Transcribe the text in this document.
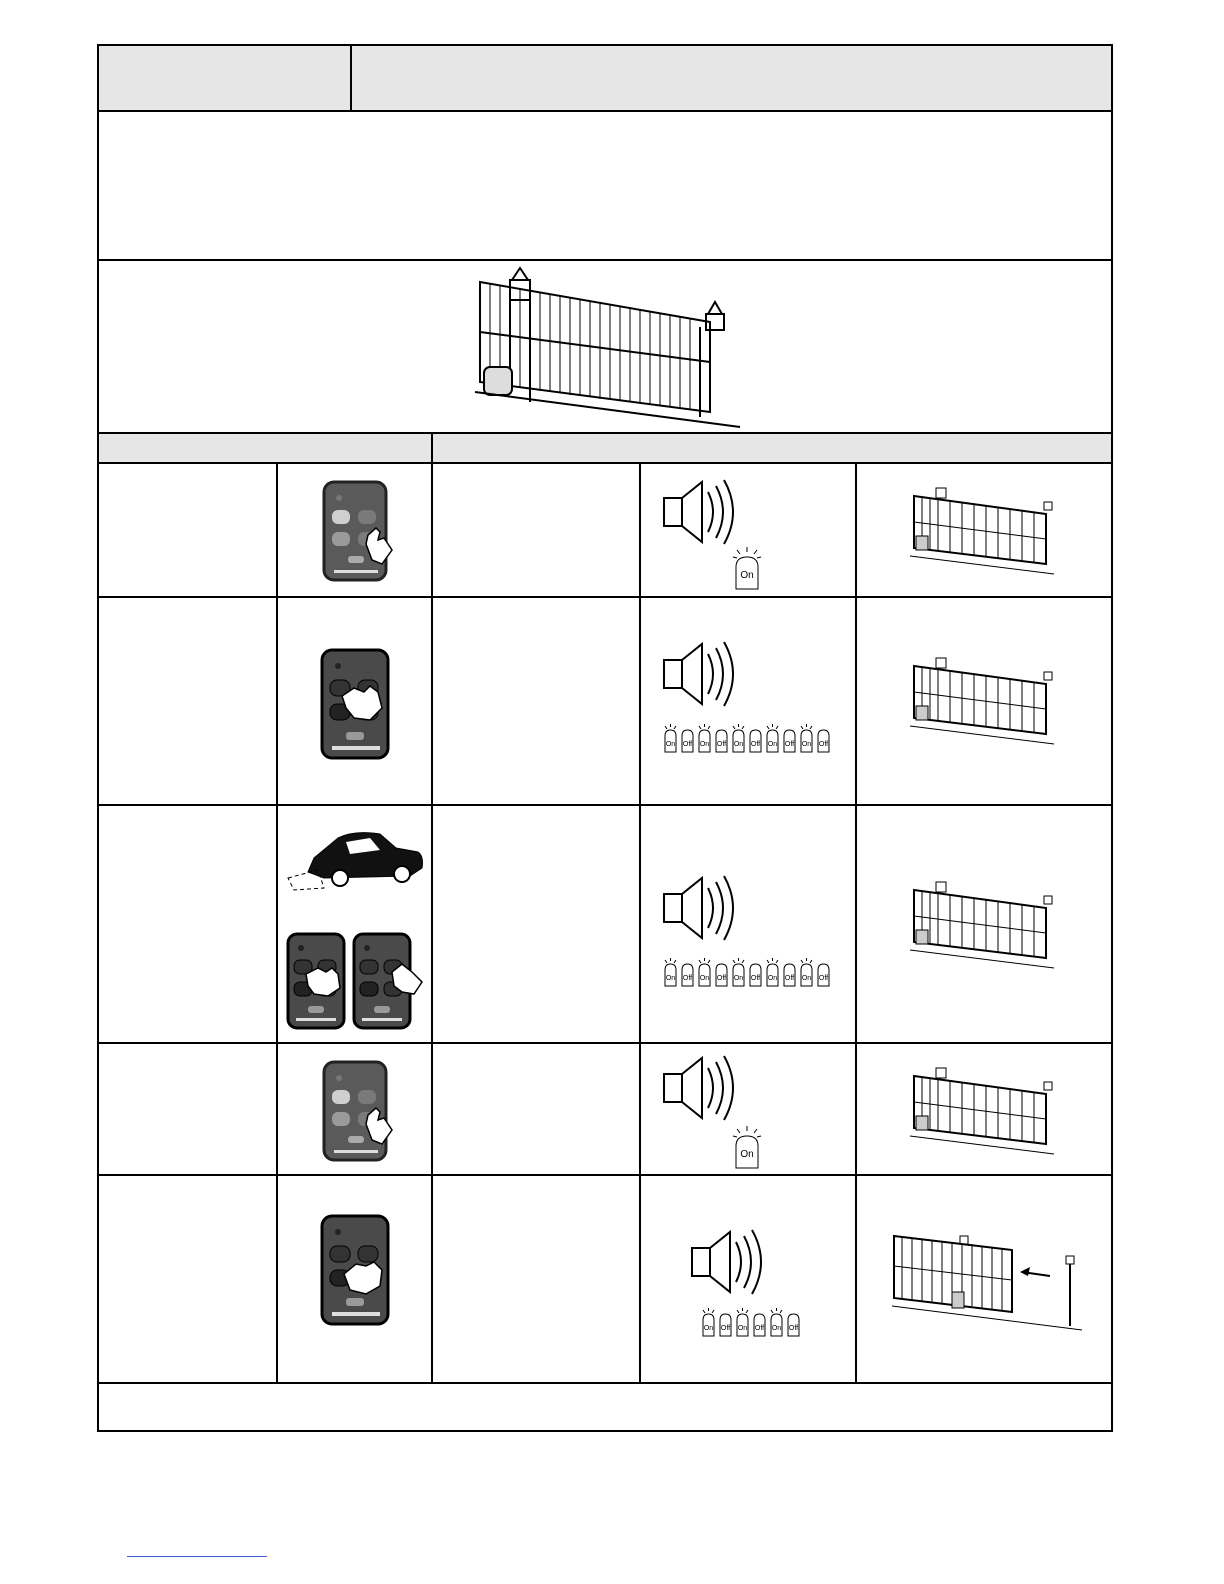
On
On Off On Off On Off On Off On Off
On Off On Off On Off On Off On Off
On
On Off On Off On Off
